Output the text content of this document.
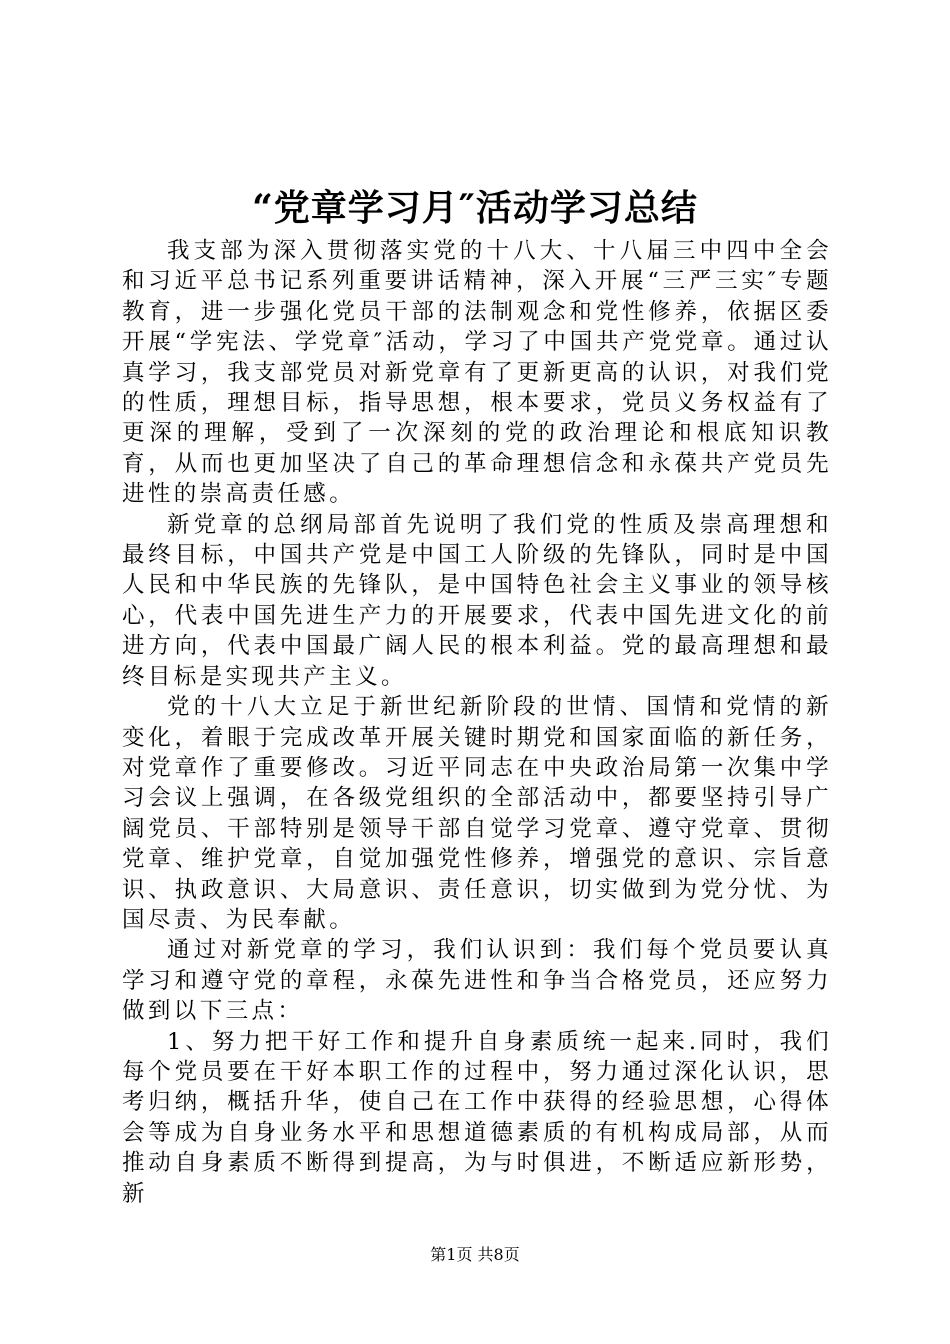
“党章学习月″活动学习总结

我支部为深入贯彻落实党的十八大、十八届三中四中全会和习近平总书记系列重要讲话精神，深入开展“三严三实″专题教育，进一步强化党员干部的法制观念和党性修养，依据区委开展“学宪法、学党章″活动，学习了中国共产党党章。通过认真学习，我支部党员对新党章有了更新更高的认识，对我们党的性质，理想目标，指导思想，根本要求，党员义务权益有了更深的理解，受到了一次深刻的党的政治理论和根底知识教育，从而也更加坚决了自己的革命理想信念和永葆共产党员先进性的崇高责任感。

新党章的总纲局部首先说明了我们党的性质及崇高理想和最终目标，中国共产党是中国工人阶级的先锋队，同时是中国人民和中华民族的先锋队，是中国特色社会主义事业的领导核心，代表中国先进生产力的开展要求，代表中国先进文化的前进方向，代表中国最广阔人民的根本利益。党的最高理想和最终目标是实现共产主义。

党的十八大立足于新世纪新阶段的世情、国情和党情的新变化，着眼于完成改革开展关键时期党和国家面临的新任务，对党章作了重要修改。习近平同志在中央政治局第一次集中学习会议上强调，在各级党组织的全部活动中，都要坚持引导广阔党员、干部特别是领导干部自觉学习党章、遵守党章、贯彻党章、维护党章，自觉加强党性修养，增强党的意识、宗旨意识、执政意识、大局意识、责任意识，切实做到为党分忧、为国尽责、为民奉献。

通过对新党章的学习，我们认识到：我们每个党员要认真学习和遵守党的章程，永葆先进性和争当合格党员，还应努力做到以下三点：

1、努力把干好工作和提升自身素质统一起来.同时，我们每个党员要在干好本职工作的过程中，努力通过深化认识，思考归纳，概括升华，使自己在工作中获得的经验思想，心得体会等成为自身业务水平和思想道德素质的有机构成局部，从而推动自身素质不断得到提高，为与时俱进，不断适应新形势，新

第1页 共8页
